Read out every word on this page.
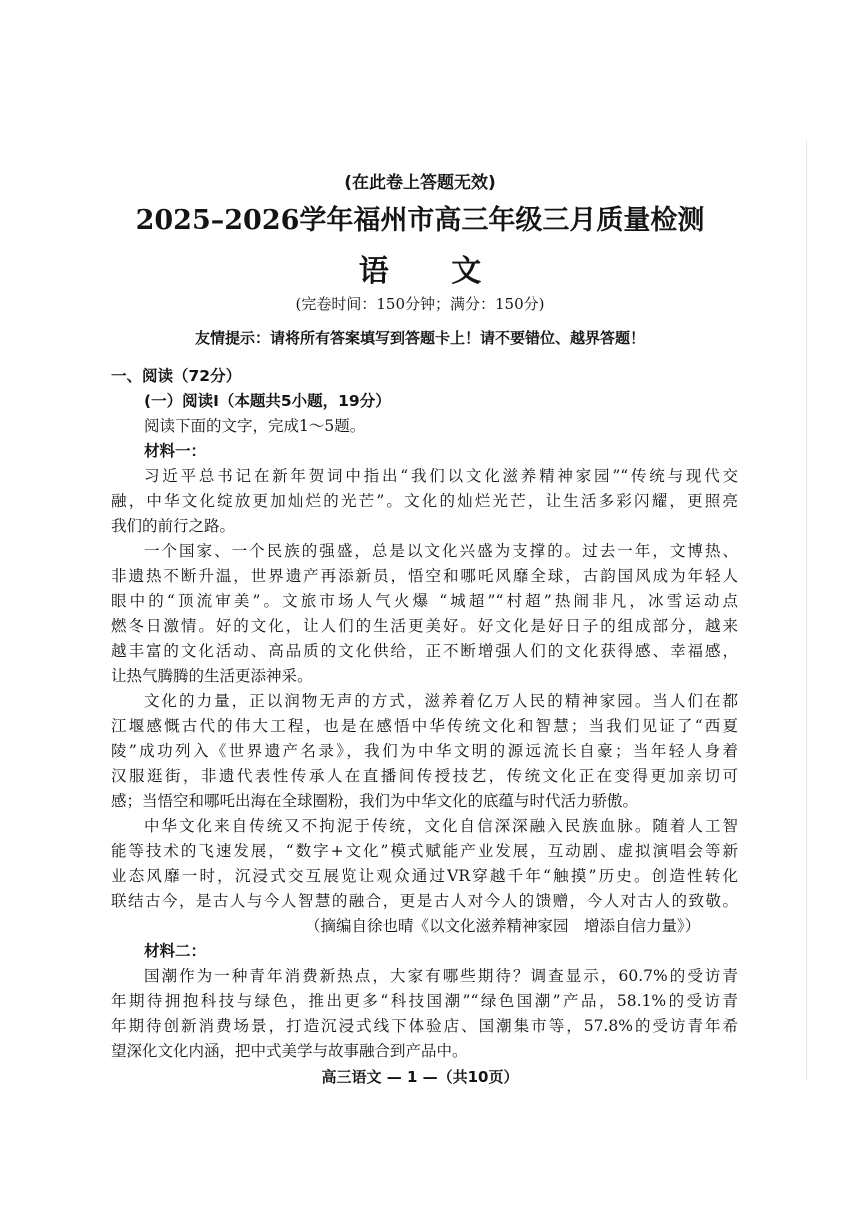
(在此卷上答题无效)
2025–2026学年福州市高三年级三月质量检测
语 文
(完卷时间：150分钟；满分：150分)
友情提示：请将所有答案填写到答题卡上！请不要错位、越界答题！
一、阅读（72分）
(一）阅读Ⅰ（本题共5小题，19分）
阅读下面的文字，完成1～5题。
材料一：
习近平总书记在新年贺词中指出“我们以文化滋养精神家园”“传统与现代交
融，中华文化绽放更加灿烂的光芒”。文化的灿烂光芒，让生活多彩闪耀，更照亮
我们的前行之路。
一个国家、一个民族的强盛，总是以文化兴盛为支撑的。过去一年，文博热、
非遗热不断升温，世界遗产再添新员，悟空和哪吒风靡全球，古韵国风成为年轻人
眼中的“顶流审美”。文旅市场人气火爆 “城超”“村超”热闹非凡，冰雪运动点
燃冬日激情。好的文化，让人们的生活更美好。好文化是好日子的组成部分，越来
越丰富的文化活动、高品质的文化供给，正不断增强人们的文化获得感、幸福感，
让热气腾腾的生活更添神采。
文化的力量，正以润物无声的方式，滋养着亿万人民的精神家园。当人们在都
江堰感慨古代的伟大工程，也是在感悟中华传统文化和智慧；当我们见证了“西夏
陵”成功列入《世界遗产名录》，我们为中华文明的源远流长自豪；当年轻人身着
汉服逛街，非遗代表性传承人在直播间传授技艺，传统文化正在变得更加亲切可
感；当悟空和哪吒出海在全球圈粉，我们为中华文化的底蕴与时代活力骄傲。
中华文化来自传统又不拘泥于传统，文化自信深深融入民族血脉。随着人工智
能等技术的飞速发展，“数字+文化”模式赋能产业发展，互动剧、虚拟演唱会等新
业态风靡一时，沉浸式交互展览让观众通过VR穿越千年“触摸”历史。创造性转化
联结古今，是古人与今人智慧的融合，更是古人对今人的馈赠，今人对古人的致敬。
（摘编自徐也晴《以文化滋养精神家园　增添自信力量》）
材料二：
国潮作为一种青年消费新热点，大家有哪些期待？调查显示，60.7%的受访青
年期待拥抱科技与绿色，推出更多“科技国潮”“绿色国潮”产品，58.1%的受访青
年期待创新消费场景，打造沉浸式线下体验店、国潮集市等，57.8%的受访青年希
望深化文化内涵，把中式美学与故事融合到产品中。
高三语文 — 1 —（共10页）
